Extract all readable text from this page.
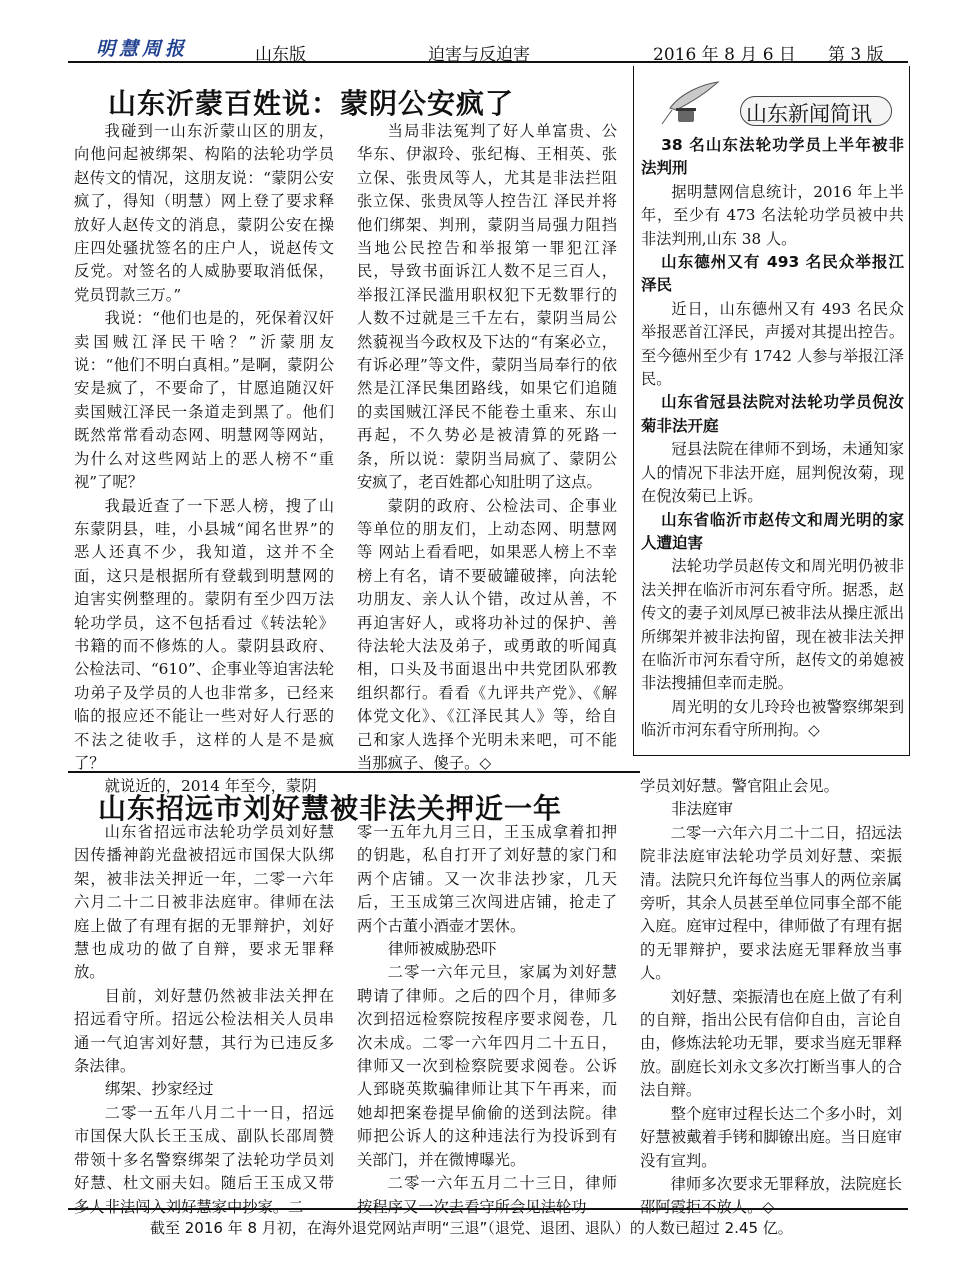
明慧周报	山东版	迫害与反迫害	2016 年 8 月 6 日 第 3 版
山东沂蒙百姓说：蒙阴公安疯了

我碰到一山东沂蒙山区的朋友，向他问起被绑架、构陷的法轮功学员赵传文的情况，这朋友说：“蒙阴公安疯了，得知（明慧）网上登了要求释放好人赵传文的消息，蒙阴公安在操庄四处骚扰签名的庄户人，说赵传文反党。对签名的人威胁要取消低保，党员罚款三万。”

我说：“他们也是的，死保着汉奸卖国贼江泽民干啥？”沂蒙朋友说：“他们不明白真相。”是啊，蒙阴公安是疯了，不要命了，甘愿追随汉奸卖国贼江泽民一条道走到黑了。他们既然常常看动态网、明慧网等网站，为什么对这些网站上的恶人榜不“重视”了呢？

我最近查了一下恶人榜，搜了山东蒙阴县，哇，小县城“闻名世界”的恶人还真不少，我知道，这并不全面，这只是根据所有登载到明慧网的迫害实例整理的。蒙阴有至少四万法轮功学员，这不包括看过《转法轮》书籍的而不修炼的人。蒙阴县政府、公检法司、“610”、企事业等迫害法轮功弟子及学员的人也非常多，已经来临的报应还不能让一些对好人行恶的不法之徒收手，这样的人是不是疯了？

就说近的，2014 年至今，蒙阴

当局非法冤判了好人单富贵、公华东、伊淑玲、张纪梅、王相英、张立保、张贵凤等人，尤其是非法拦阻张立保、张贵凤等人控告江 泽民并将他们绑架、判刑，蒙阴当局强力阻挡当地公民控告和举报第一罪犯江泽民，导致书面诉江人数不足三百人，举报江泽民滥用职权犯下无数罪行的人数不过就是三千左右，蒙阴当局公然藐视当今政权及下达的“有案必立，有诉必理”等文件，蒙阴当局奉行的依然是江泽民集团路线，如果它们追随的卖国贼江泽民不能卷土重来、东山再起，不久势必是被清算的死路一条，所以说：蒙阴当局疯了、蒙阴公安疯了，老百姓都心知肚明了这点。

蒙阴的政府、公检法司、企事业等单位的朋友们，上动态网、明慧网等 网站上看看吧，如果恶人榜上不幸榜上有名，请不要破罐破摔，向法轮功朋友、亲人认个错，改过从善，不再迫害好人，或将功补过的保护、善待法轮大法及弟子，或勇敢的听闻真相，口头及书面退出中共党团队邪教组织都行。看看《九评共产党》、《解体党文化》、《江泽民其人》等，给自己和家人选择个光明未来吧，可不能当那疯子、傻子。◇

山东新闻简讯

38 名山东法轮功学员上半年被非法判刑

据明慧网信息统计，2016 年上半年，至少有 473 名法轮功学员被中共非法判刑,山东 38 人。

山东德州又有 493 名民众举报江泽民

近日，山东德州又有 493 名民众举报恶首江泽民，声援对其提出控告。至今德州至少有 1742 人参与举报江泽民。

山东省冠县法院对法轮功学员倪汝菊非法开庭

冠县法院在律师不到场，未通知家人的情况下非法开庭，屈判倪汝菊，现在倪汝菊已上诉。

山东省临沂市赵传文和周光明的家人遭迫害

法轮功学员赵传文和周光明仍被非法关押在临沂市河东看守所。据悉，赵传文的妻子刘凤厚已被非法从操庄派出所绑架并被非法拘留，现在被非法关押在临沂市河东看守所，赵传文的弟媳被非法搜捕但幸而走脱。

周光明的女儿玲玲也被警察绑架到临沂市河东看守所刑拘。◇

山东招远市刘好慧被非法关押近一年

山东省招远市法轮功学员刘好慧因传播神韵光盘被招远市国保大队绑架，被非法关押近一年，二零一六年六月二十二日被非法庭审。律师在法庭上做了有理有据的无罪辩护，刘好慧也成功的做了自辩，要求无罪释放。

目前，刘好慧仍然被非法关押在招远看守所。招远公检法相关人员串通一气迫害刘好慧，其行为已违反多条法律。

绑架、抄家经过

二零一五年八月二十一日，招远市国保大队长王玉成、副队长邵周赞带领十多名警察绑架了法轮功学员刘好慧、杜文丽夫妇。随后王玉成又带多人非法闯入刘好慧家中抄家。二

零一五年九月三日，王玉成拿着扣押的钥匙，私自打开了刘好慧的家门和两个店铺。又一次非法抄家，几天后，王玉成第三次闯进店铺，抢走了两个古董小酒壶才罢休。

律师被威胁恐吓

二零一六年元旦，家属为刘好慧聘请了律师。之后的四个月，律师多次到招远检察院按程序要求阅卷，几次未成。二零一六年四月二十五日，律师又一次到检察院要求阅卷。公诉人郅晓英欺骗律师让其下午再来，而她却把案卷提早偷偷的送到法院。律师把公诉人的这种违法行为投诉到有关部门，并在微博曝光。

二零一六年五月二十三日，律师按程序又一次去看守所会见法轮功

学员刘好慧。警官阻止会见。

非法庭审

二零一六年六月二十二日，招远法院非法庭审法轮功学员刘好慧、栾振清。法院只允许每位当事人的两位亲属旁听，其余人员甚至单位同事全部不能入庭。庭审过程中，律师做了有理有据的无罪辩护，要求法庭无罪释放当事人。

刘好慧、栾振清也在庭上做了有利的自辩，指出公民有信仰自由，言论自由，修炼法轮功无罪，要求当庭无罪释放。副庭长刘永文多次打断当事人的合法自辩。

整个庭审过程长达二个多小时，刘好慧被戴着手铐和脚镣出庭。当日庭审没有宣判。

律师多次要求无罪释放，法院庭长邵阿霞拒不放人。◇

截至 2016 年 8 月初，在海外退党网站声明“三退”（退党、退团、退队）的人数已超过 2.45 亿。
